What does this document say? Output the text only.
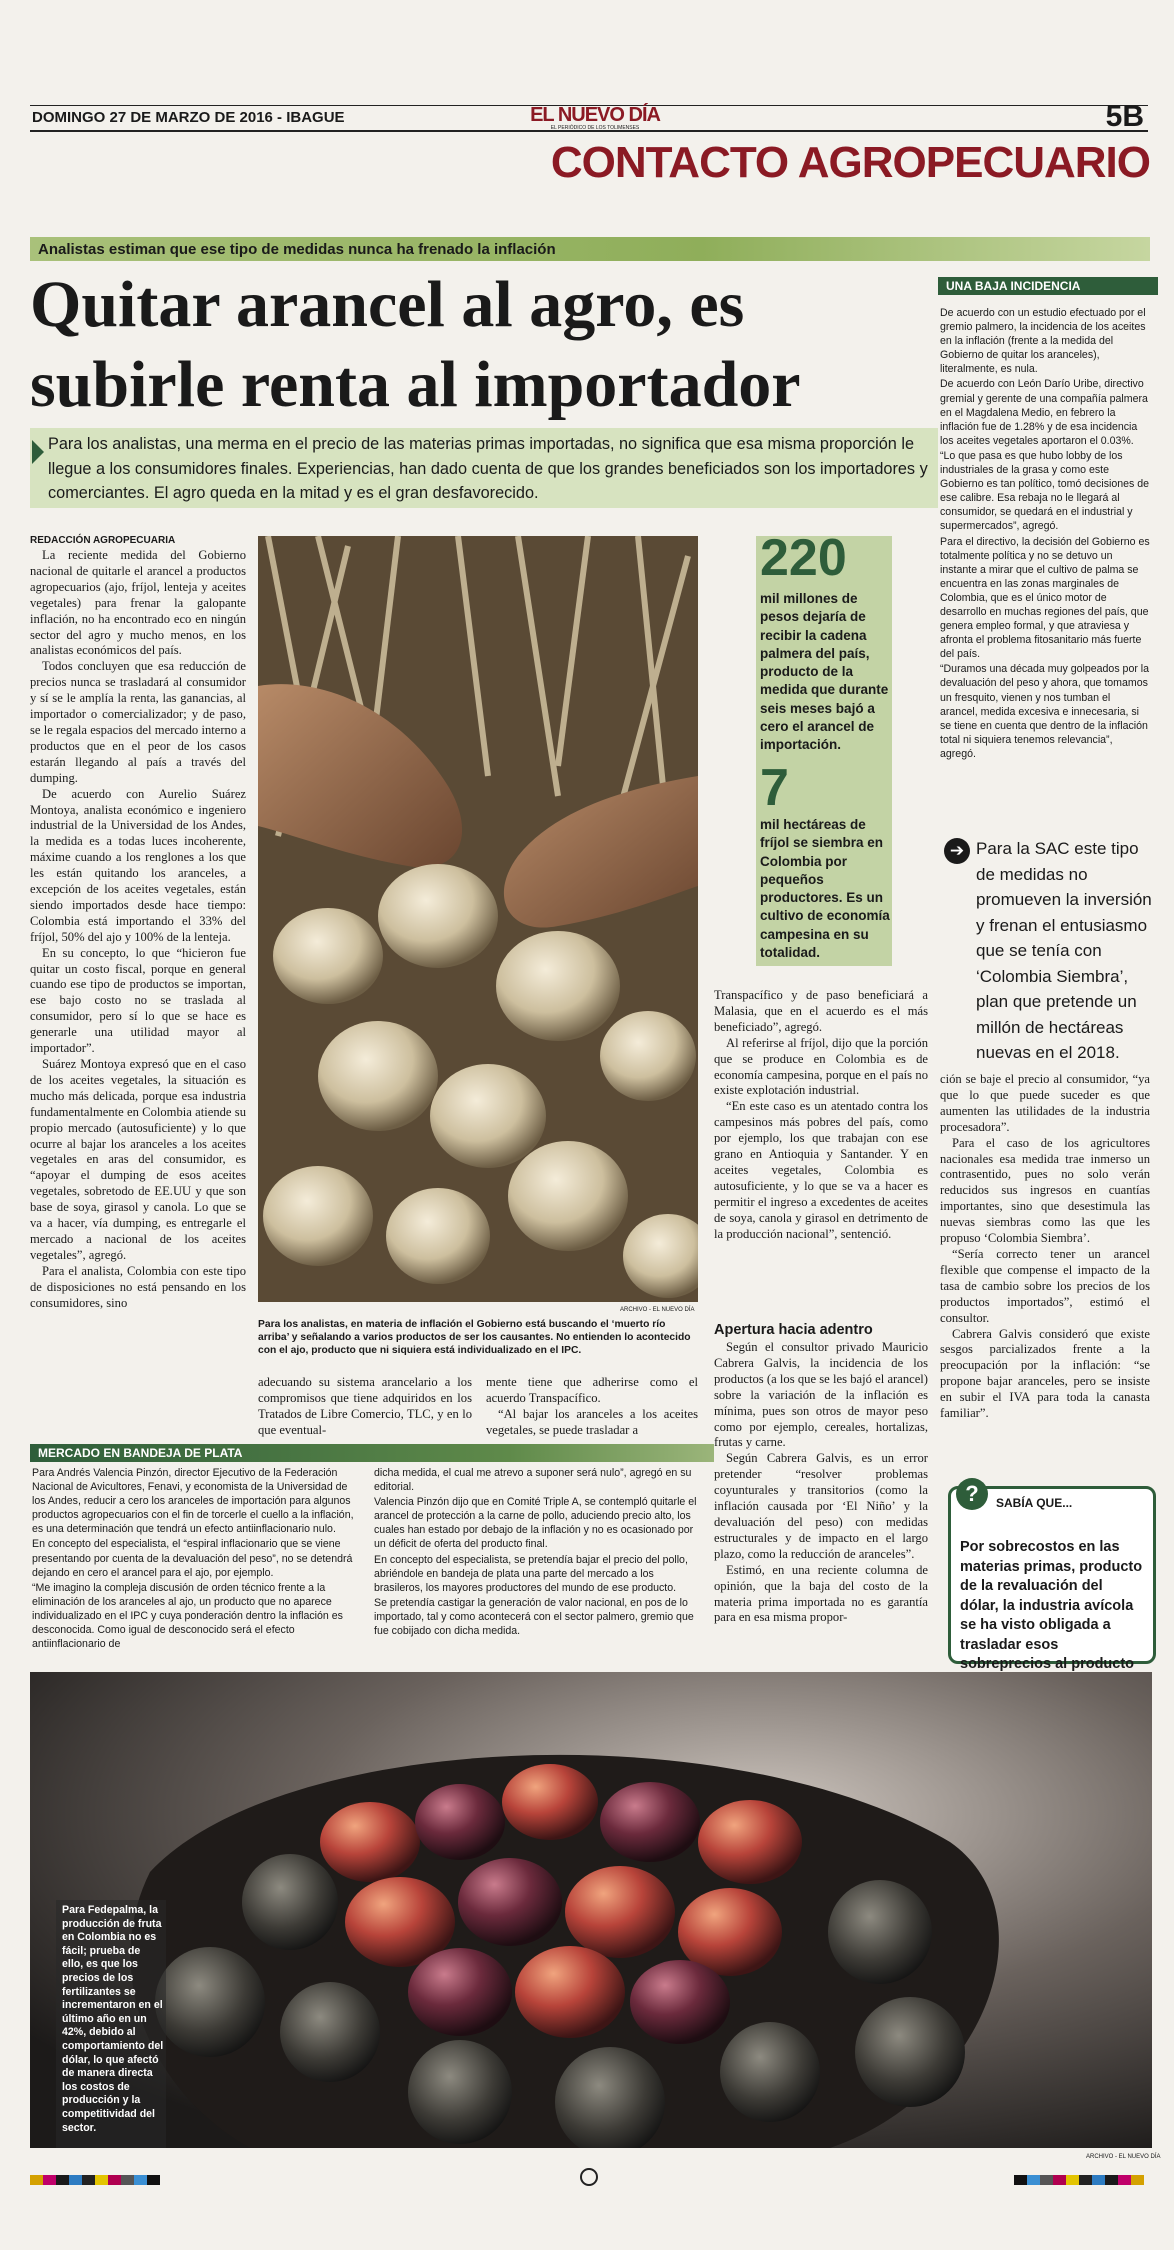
DOMINGO 27 DE MARZO DE 2016 - IBAGUE	EL NUEVO DÍA
EL PERIÓDICO DE LOS TOLIMENSES	5B
CONTACTO AGROPECUARIO
Analistas estiman que ese tipo de medidas nunca ha frenado la inflación
Quitar arancel al agro, es
subirle renta al importador
Para los analistas, una merma en el precio de las materias primas importadas, no significa que esa misma proporción le llegue a los consumidores finales. Experiencias, han dado cuenta de que los grandes beneficiados son los importadores y comerciantes. El agro queda en la mitad y es el gran desfavorecido.
REDACCIÓN AGROPECUARIA

La reciente medida del Gobierno nacional de quitarle el arancel a productos agropecuarios (ajo, fríjol, lenteja y aceites vegetales) para frenar la galopante inflación, no ha encontrado eco en ningún sector del agro y mucho menos, en los analistas económicos del país.

Todos concluyen que esa reducción de precios nunca se trasladará al consumidor y sí se le amplía la renta, las ganancias, al importador o comercializador; y de paso, se le regala espacios del mercado interno a productos que en el peor de los casos estarán llegando al país a través del dumping.

De acuerdo con Aurelio Suárez Montoya, analista económico e ingeniero industrial de la Universidad de los Andes, la medida es a todas luces incoherente, máxime cuando a los renglones a los que les están quitando los aranceles, a excepción de los aceites vegetales, están siendo importados desde hace tiempo: Colombia está importando el 33% del fríjol, 50% del ajo y 100% de la lenteja.

En su concepto, lo que “hicieron fue quitar un costo fiscal, porque en general cuando ese tipo de productos se importan, ese bajo costo no se traslada al consumidor, pero sí lo que se hace es generarle una utilidad mayor al importador”.

Suárez Montoya expresó que en el caso de los aceites vegetales, la situación es mucho más delicada, porque esa industria fundamentalmente en Colombia atiende su propio mercado (autosuficiente) y lo que ocurre al bajar los aranceles a los aceites vegetales en aras del consumidor, es “apoyar el dumping de esos aceites vegetales, sobretodo de EE.UU y que son base de soya, girasol y canola. Lo que se va a hacer, vía dumping, es entregarle el mercado a nacional de los aceites vegetales”, agregó.

Para el analista, Colombia con este tipo de disposiciones no está pensando en los consumidores, sino

ARCHIVO - EL NUEVO DÍA
Para los analistas, en materia de inflación el Gobierno está buscando el ‘muerto río arriba’ y señalando a varios productos de ser los causantes. No entienden lo acontecido con el ajo, producto que ni siquiera está individualizado en el IPC.
adecuando su sistema arancelario a los compromisos que tiene adquiridos en los Tratados de Libre Comercio, TLC, y en lo que eventual-

mente tiene que adherirse como el acuerdo Transpacífico.

“Al bajar los aranceles a los aceites vegetales, se puede trasladar a

220
mil millones de pesos dejaría de recibir la cadena palmera del país, producto de la medida que durante seis meses bajó a cero el arancel de importación.
7
mil hectáreas de fríjol se siembra en Colombia por pequeños productores. Es un cultivo de economía campesina en su totalidad.

Transpacífico y de paso beneficiará a Malasia, que en el acuerdo es el más beneficiado”, agregó.

Al referirse al fríjol, dijo que la porción que se produce en Colombia es de economía campesina, porque en el país no existe explotación industrial.

“En este caso es un atentado contra los campesinos más pobres del país, como por ejemplo, los que trabajan con ese grano en Antioquia y Santander. Y en aceites vegetales, Colombia es autosuficiente, y lo que se va a hacer es permitir el ingreso a excedentes de aceites de soya, canola y girasol en detrimento de la producción nacional”, sentenció.

Apertura hacia adentro

Según el consultor privado Mauricio Cabrera Galvis, la incidencia de los productos (a los que se les bajó el arancel) sobre la variación de la inflación es mínima, pues son otros de mayor peso como por ejemplo, cereales, hortalizas, frutas y carne.

Según Cabrera Galvis, es un error pretender “resolver problemas coyunturales y transitorios (como la inflación causada por ‘El Niño’ y la devaluación del peso) con medidas estructurales y de impacto en el largo plazo, como la reducción de aranceles”.

Estimó, en una reciente columna de opinión, que la baja del costo de la materia prima importada no es garantía para en esa misma propor-

UNA BAJA INCIDENCIA

De acuerdo con un estudio efectuado por el gremio palmero, la incidencia de los aceites en la inflación (frente a la medida del Gobierno de quitar los aranceles), literalmente, es nula.

De acuerdo con León Darío Uribe, directivo gremial y gerente de una compañía palmera en el Magdalena Medio, en febrero la inflación fue de 1.28% y de esa incidencia los aceites vegetales aportaron el 0.03%.

“Lo que pasa es que hubo lobby de los industriales de la grasa y como este Gobierno es tan político, tomó decisiones de ese calibre. Esa rebaja no le llegará al consumidor, se quedará en el industrial y supermercados”, agregó.

Para el directivo, la decisión del Gobierno es totalmente política y no se detuvo un instante a mirar que el cultivo de palma se encuentra en las zonas marginales de Colombia, que es el único motor de desarrollo en muchas regiones del país, que genera empleo formal, y que atraviesa y afronta el problema fitosanitario más fuerte del país.

“Duramos una década muy golpeados por la devaluación del peso y ahora, que tomamos un fresquito, vienen y nos tumban el arancel, medida excesiva e innecesaria, si se tiene en cuenta que dentro de la inflación total ni siquiera tenemos relevancia”, agregó.

➔ Para la SAC este tipo de medidas no promueven la inversión y frenan el entusiasmo que se tenía con ‘Colombia Siembra’, plan que pretende un millón de hectáreas nuevas en el 2018.

ción se baje el precio al consumidor, “ya que lo que puede suceder es que aumenten las utilidades de la industria procesadora”.

Para el caso de los agricultores nacionales esa medida trae inmerso un contrasentido, pues no solo verán reducidos sus ingresos en cuantías importantes, sino que desestimula las nuevas siembras como las que les propuso ‘Colombia Siembra’.

“Sería correcto tener un arancel flexible que compense el impacto de la tasa de cambio sobre los precios de los productos importados”, estimó el consultor.

Cabrera Galvis consideró que existe sesgos parcializados frente a la preocupación por la inflación: “se propone bajar aranceles, pero se insiste en subir el IVA para toda la canasta familiar”.

?	SABÍA QUE...
Por sobrecostos en las materias primas, producto de la revaluación del dólar, la industria avícola se ha visto obligada a trasladar esos sobreprecios al producto
MERCADO EN BANDEJA DE PLATA

Para Andrés Valencia Pinzón, director Ejecutivo de la Federación Nacional de Avicultores, Fenavi, y economista de la Universidad de los Andes, reducir a cero los aranceles de importación para algunos productos agropecuarios con el fin de torcerle el cuello a la inflación, es una determinación que tendrá un efecto antiinflacionario nulo.

En concepto del especialista, el “espiral inflacionario que se viene presentando por cuenta de la devaluación del peso”, no se detendrá dejando en cero el arancel para el ajo, por ejemplo.

“Me imagino la compleja discusión de orden técnico frente a la eliminación de los aranceles al ajo, un producto que no aparece individualizado en el IPC y cuya ponderación dentro la inflación es desconocida. Como igual de desconocido será el efecto antiinflacionario de

dicha medida, el cual me atrevo a suponer será nulo”, agregó en su editorial.

Valencia Pinzón dijo que en Comité Triple A, se contempló quitarle el arancel de protección a la carne de pollo, aduciendo precio alto, los cuales han estado por debajo de la inflación y no es ocasionado por un déficit de oferta del producto final.

En concepto del especialista, se pretendía bajar el precio del pollo, abriéndole en bandeja de plata una parte del mercado a los brasileros, los mayores productores del mundo de ese producto.

Se pretendía castigar la generación de valor nacional, en pos de lo importado, tal y como acontecerá con el sector palmero, gremio que fue cobijado con dicha medida.

Para Fedepalma, la producción de fruta en Colombia no es fácil; prueba de ello, es que los precios de los fertilizantes se incrementaron en el último año en un 42%, debido al comportamiento del dólar, lo que afectó de manera directa los costos de producción y la competitividad del sector.
ARCHIVO - EL NUEVO DÍA
